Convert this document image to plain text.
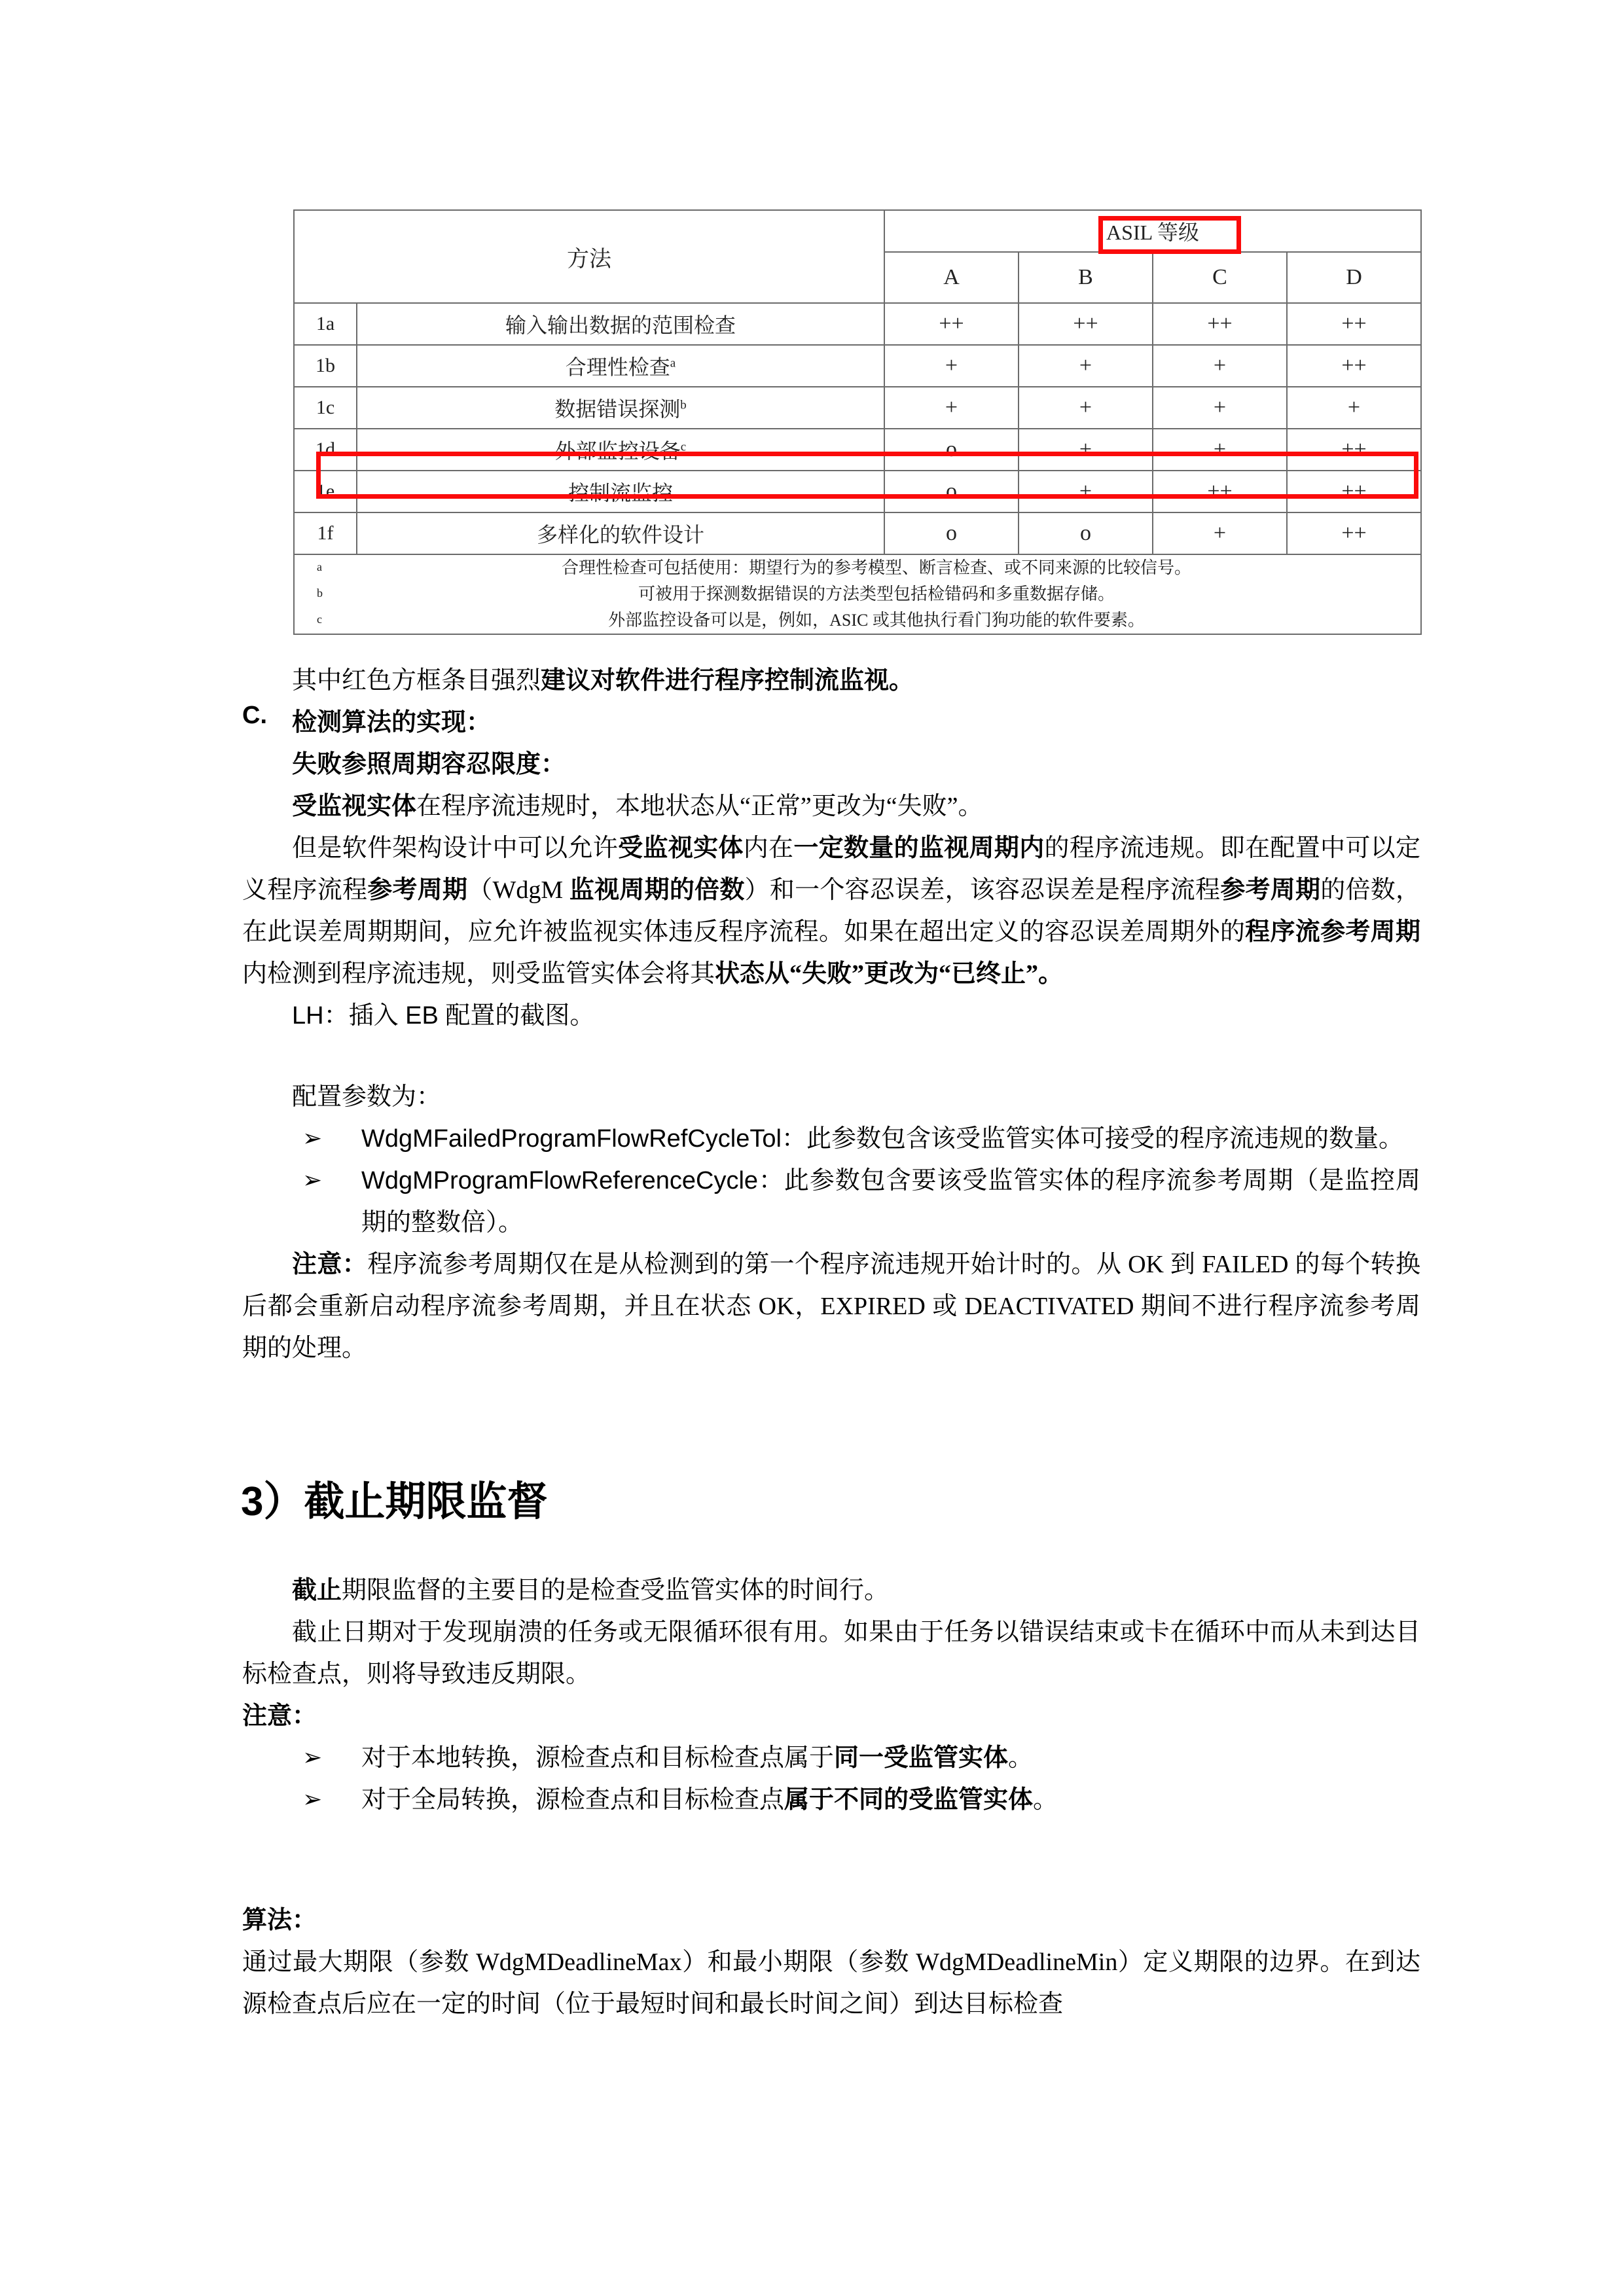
方法		ASIL 等级			
		A	B	C	D
1a	输入输出数据的范围检查	++	++	++	++
1b	合理性检查$^a$	+	+	+	++
1c	数据错误探测$^b$	+	+	+	+
1d	外部监控设备$^c$	o	+	+	++
1e	控制流监控	o	+	++	++
1f	多样化的软件设计	o	o	+	++

a	合理性检查可包括使用：期望行为的参考模型、断言检查、或不同来源的比较信号。
b	可被用于探测数据错误的方法类型包括检错码和多重数据存储。
c	外部监控设备可以是，例如，ASIC 或其他执行看门狗功能的软件要素。

其中红色方框条目强烈建议对软件进行程序控制流监视。

C.	检测算法的实现：

失败参照周期容忍限度：

受监视实体在程序流违规时，本地状态从“正常”更改为“失败”。

但是软件架构设计中可以允许受监视实体内在一定数量的监视周期内的程序流违规。即在配置中可以定义程序流程参考周期（WdgM 监视周期的倍数）和一个容忍误差，该容忍误差是程序流程参考周期的倍数，在此误差周期期间，应允许被监视实体违反程序流程。如果在超出定义的容忍误差周期外的程序流参考周期内检测到程序流违规，则受监管实体会将其状态从“失败”更改为“已终止”。

LH：插入 EB 配置的截图。

配置参数为：

➢ WdgMFailedProgramFlowRefCycleTol：此参数包含该受监管实体可接受的程序流违规的数量。
➢ WdgMProgramFlowReferenceCycle：此参数包含要该受监管实体的程序流参考周期（是监控周期的整数倍）。

注意：程序流参考周期仅在是从检测到的第一个程序流违规开始计时的。从 OK 到 FAILED 的每个转换后都会重新启动程序流参考周期，并且在状态 OK，EXPIRED 或 DEACTIVATED 期间不进行程序流参考周期的处理。

3）截止期限监督

截止期限监督的主要目的是检查受监管实体的时间行。

截止日期对于发现崩溃的任务或无限循环很有用。如果由于任务以错误结束或卡在循环中而从未到达目标检查点，则将导致违反期限。

注意：

➢ 对于本地转换，源检查点和目标检查点属于同一受监管实体。
➢ 对于全局转换，源检查点和目标检查点属于不同的受监管实体。

算法：

通过最大期限（参数 WdgMDeadlineMax）和最小期限（参数 WdgMDeadlineMin）定义期限的边界。在到达源检查点后应在一定的时间（位于最短时间和最长时间之间）到达目标检查
